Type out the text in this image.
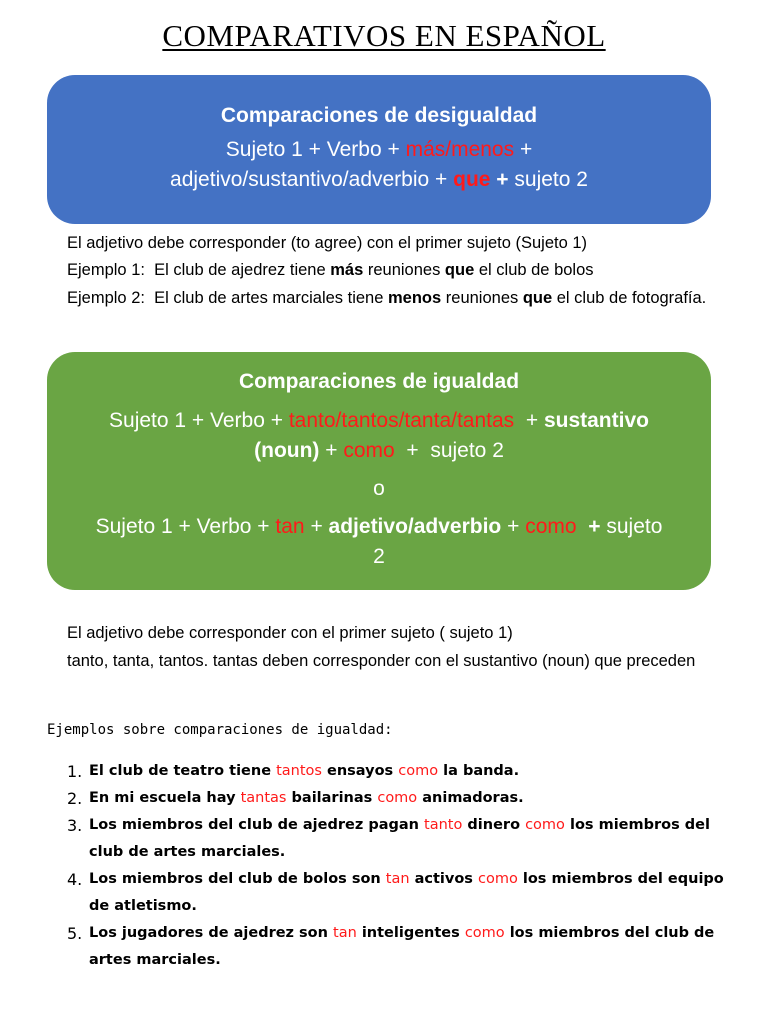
COMPARATIVOS EN ESPAÑOL
Comparaciones de desigualdad
Sujeto 1 + Verbo + más/menos +
adjetivo/sustantivo/adverbio + que + sujeto 2
El adjetivo debe corresponder (to agree) con el primer sujeto (Sujeto 1)
Ejemplo 1:  El club de ajedrez tiene más reuniones que el club de bolos
Ejemplo 2:  El club de artes marciales tiene menos reuniones que el club de fotografía.
Comparaciones de igualdad
Sujeto 1 + Verbo + tanto/tantos/tanta/tantas  + sustantivo
(noun) + como  +  sujeto 2
o
Sujeto 1 + Verbo + tan + adjetivo/adverbio + como  + sujeto
2
El adjetivo debe corresponder con el primer sujeto ( sujeto 1)
tanto, tanta, tantos. tantas deben corresponder con el sustantivo (noun) que preceden
Ejemplos sobre comparaciones de igualdad:
1. El club de teatro tiene tantos ensayos como la banda.
2. En mi escuela hay tantas bailarinas como animadoras.
3. Los miembros del club de ajedrez pagan tanto dinero como los miembros del club de artes marciales.
4. Los miembros del club de bolos son tan activos como los miembros del equipo de atletismo.
5. Los jugadores de ajedrez son tan inteligentes como los miembros del club de artes marciales.
